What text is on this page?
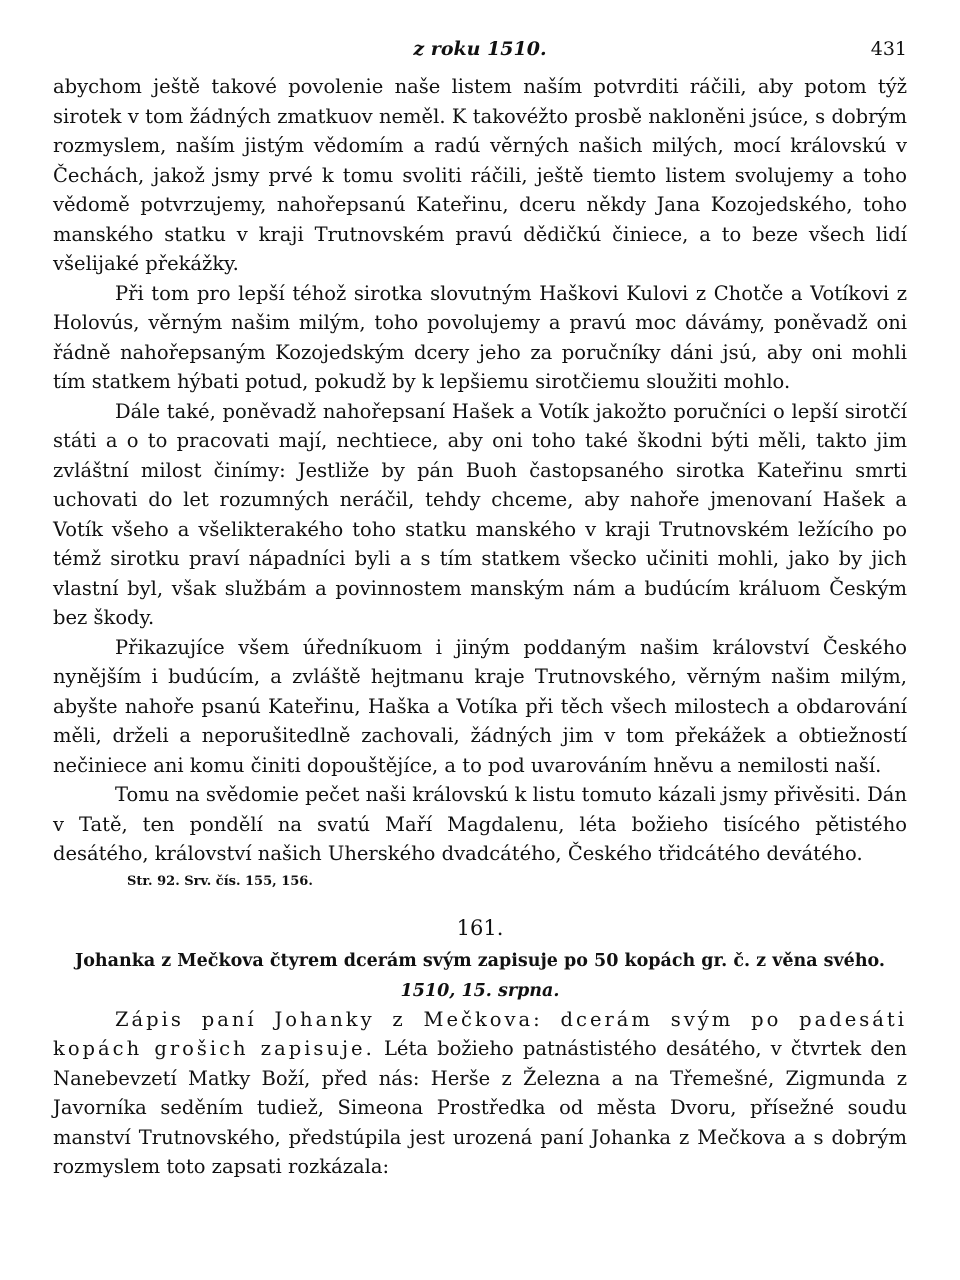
z roku 1510.	431

abychom ještě takové povolenie naše listem naším potvrditi ráčili, aby potom týž sirotek v tom žádných zmatkuov neměl. K takovéžto prosbě nakloněni jsúce, s dobrým rozmyslem, naším jistým vědomím a radú věrných našich milých, mocí královskú v Čechách, jakož jsmy prvé k tomu svoliti ráčili, ještě tiemto listem svolujemy a toho vědomě potvrzujemy, nahořepsanú Kateřinu, dceru někdy Jana Kozojedského, toho manského statku v kraji Trutnovském pravú dědičkú činiece, a to beze všech lidí všelijaké překážky.

Při tom pro lepší téhož sirotka slovutným Haškovi Kulovi z Chotče a Votíkovi z Holovús, věrným našim milým, toho povolujemy a pravú moc dávámy, poněvadž oni řádně nahořepsaným Kozojedským dcery jeho za poručníky dáni jsú, aby oni mohli tím statkem hýbati potud, pokudž by k lepšiemu sirotčiemu sloužiti mohlo.

Dále také, poněvadž nahořepsaní Hašek a Votík jakožto poručníci o lepší sirotčí státi a o to pracovati mají, nechtiece, aby oni toho také škodni býti měli, takto jim zvláštní milost činímy: Jestliže by pán Buoh častopsaného sirotka Kateřinu smrti uchovati do let rozumných neráčil, tehdy chceme, aby nahoře jmenovaní Hašek a Votík všeho a všelikterakého toho statku manského v kraji Trutnovském ležícího po témž sirotku praví nápadníci byli a s tím statkem všecko učiniti mohli, jako by jich vlastní byl, však službám a povinnostem manským nám a budúcím králuom Českým bez škody.

Přikazujíce všem úředníkuom i jiným poddaným našim království Českého nynějším i budúcím, a zvláště hejtmanu kraje Trutnovského, věrným našim milým, abyšte nahoře psanú Kateřinu, Haška a Votíka při těch všech milostech a obdarování měli, drželi a neporušitedlně zachovali, žádných jim v tom překážek a obtiežností nečiniece ani komu činiti dopouštějíce, a to pod uvarováním hněvu a nemilosti naší.

Tomu na svědomie pečet naši královskú k listu tomuto kázali jsmy přivěsiti. Dán v Tatě, ten pondělí na svatú Maří Magdalenu, léta božieho tisícého pětistého desátého, království našich Uherského dvadcátého, Českého třidcátého devátého.

Str. 92. Srv. čís. 155, 156.
161.
Johanka z Mečkova čtyrem dcerám svým zapisuje po 50 kopách gr. č. z věna svého.
1510, 15. srpna.

Zápis paní Johanky z Mečkova: dcerám svým po padesáti kopách grošich zapisuje. Léta božieho patnástistého desátého, v čtvrtek den Nanebevzetí Matky Boží, před nás: Herše z Železna a na Třemešné, Zigmunda z Javorníka seděním tudiež, Simeona Prostředka od města Dvoru, přísežné soudu manství Trutnovského, předstúpila jest urozená paní Johanka z Mečkova a s dobrým rozmyslem toto zapsati rozkázala:
